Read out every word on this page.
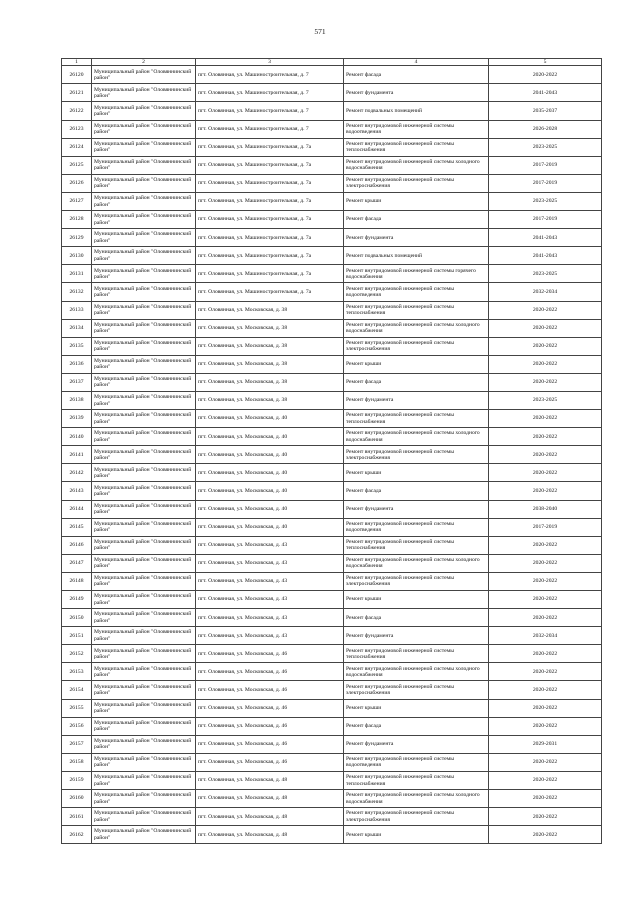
571
1	2	3	4	5
26120	Муниципальный район "Оловяннинский район"	пгт. Оловянная, ул. Машиностроительная, д. 7	Ремонт фасада	2020-2022
26121	Муниципальный район "Оловяннинский район"	пгт. Оловянная, ул. Машиностроительная, д. 7	Ремонт фундамента	2041-2043
26122	Муниципальный район "Оловяннинский район"	пгт. Оловянная, ул. Машиностроительная, д. 7	Ремонт подвальных помещений	2035-2037
26123	Муниципальный район "Оловяннинский район"	пгт. Оловянная, ул. Машиностроительная, д. 7	Ремонт внутридомовой инженерной системы водоотведения	2026-2028
26124	Муниципальный район "Оловяннинский район"	пгт. Оловянная, ул. Машиностроительная, д. 7а	Ремонт внутридомовой инженерной системы теплоснабжения	2023-2025
26125	Муниципальный район "Оловяннинский район"	пгт. Оловянная, ул. Машиностроительная, д. 7а	Ремонт внутридомовой инженерной системы холодного водоснабжения	2017-2019
26126	Муниципальный район "Оловяннинский район"	пгт. Оловянная, ул. Машиностроительная, д. 7а	Ремонт внутридомовой инженерной системы электроснабжения	2017-2019
26127	Муниципальный район "Оловяннинский район"	пгт. Оловянная, ул. Машиностроительная, д. 7а	Ремонт крыши	2023-2025
26128	Муниципальный район "Оловяннинский район"	пгт. Оловянная, ул. Машиностроительная, д. 7а	Ремонт фасада	2017-2019
26129	Муниципальный район "Оловяннинский район"	пгт. Оловянная, ул. Машиностроительная, д. 7а	Ремонт фундамента	2041-2043
26130	Муниципальный район "Оловяннинский район"	пгт. Оловянная, ул. Машиностроительная, д. 7а	Ремонт подвальных помещений	2041-2043
26131	Муниципальный район "Оловяннинский район"	пгт. Оловянная, ул. Машиностроительная, д. 7а	Ремонт внутридомовой инженерной системы горячего водоснабжения	2023-2025
26132	Муниципальный район "Оловяннинский район"	пгт. Оловянная, ул. Машиностроительная, д. 7а	Ремонт внутридомовой инженерной системы водоотведения	2032-2034
26133	Муниципальный район "Оловяннинский район"	пгт. Оловянная, ул. Московская, д. 38	Ремонт внутридомовой инженерной системы теплоснабжения	2020-2022
26134	Муниципальный район "Оловяннинский район"	пгт. Оловянная, ул. Московская, д. 38	Ремонт внутридомовой инженерной системы холодного водоснабжения	2020-2022
26135	Муниципальный район "Оловяннинский район"	пгт. Оловянная, ул. Московская, д. 38	Ремонт внутридомовой инженерной системы электроснабжения	2020-2022
26136	Муниципальный район "Оловяннинский район"	пгт. Оловянная, ул. Московская, д. 38	Ремонт крыши	2020-2022
26137	Муниципальный район "Оловяннинский район"	пгт. Оловянная, ул. Московская, д. 38	Ремонт фасада	2020-2022
26138	Муниципальный район "Оловяннинский район"	пгт. Оловянная, ул. Московская, д. 38	Ремонт фундамента	2023-2025
26139	Муниципальный район "Оловяннинский район"	пгт. Оловянная, ул. Московская, д. 40	Ремонт внутридомовой инженерной системы теплоснабжения	2020-2022
26140	Муниципальный район "Оловяннинский район"	пгт. Оловянная, ул. Московская, д. 40	Ремонт внутридомовой инженерной системы холодного водоснабжения	2020-2022
26141	Муниципальный район "Оловяннинский район"	пгт. Оловянная, ул. Московская, д. 40	Ремонт внутридомовой инженерной системы электроснабжения	2020-2022
26142	Муниципальный район "Оловяннинский район"	пгт. Оловянная, ул. Московская, д. 40	Ремонт крыши	2020-2022
26143	Муниципальный район "Оловяннинский район"	пгт. Оловянная, ул. Московская, д. 40	Ремонт фасада	2020-2022
26144	Муниципальный район "Оловяннинский район"	пгт. Оловянная, ул. Московская, д. 40	Ремонт фундамента	2038-2040
26145	Муниципальный район "Оловяннинский район"	пгт. Оловянная, ул. Московская, д. 40	Ремонт внутридомовой инженерной системы водоотведения	2017-2019
26146	Муниципальный район "Оловяннинский район"	пгт. Оловянная, ул. Московская, д. 43	Ремонт внутридомовой инженерной системы теплоснабжения	2020-2022
26147	Муниципальный район "Оловяннинский район"	пгт. Оловянная, ул. Московская, д. 43	Ремонт внутридомовой инженерной системы холодного водоснабжения	2020-2022
26148	Муниципальный район "Оловяннинский район"	пгт. Оловянная, ул. Московская, д. 43	Ремонт внутридомовой инженерной системы электроснабжения	2020-2022
26149	Муниципальный район "Оловяннинский район"	пгт. Оловянная, ул. Московская, д. 43	Ремонт крыши	2020-2022
26150	Муниципальный район "Оловяннинский район"	пгт. Оловянная, ул. Московская, д. 43	Ремонт фасада	2020-2022
26151	Муниципальный район "Оловяннинский район"	пгт. Оловянная, ул. Московская, д. 43	Ремонт фундамента	2032-2034
26152	Муниципальный район "Оловяннинский район"	пгт. Оловянная, ул. Московская, д. 46	Ремонт внутридомовой инженерной системы теплоснабжения	2020-2022
26153	Муниципальный район "Оловяннинский район"	пгт. Оловянная, ул. Московская, д. 46	Ремонт внутридомовой инженерной системы холодного водоснабжения	2020-2022
26154	Муниципальный район "Оловяннинский район"	пгт. Оловянная, ул. Московская, д. 46	Ремонт внутридомовой инженерной системы электроснабжения	2020-2022
26155	Муниципальный район "Оловяннинский район"	пгт. Оловянная, ул. Московская, д. 46	Ремонт крыши	2020-2022
26156	Муниципальный район "Оловяннинский район"	пгт. Оловянная, ул. Московская, д. 46	Ремонт фасада	2020-2022
26157	Муниципальный район "Оловяннинский район"	пгт. Оловянная, ул. Московская, д. 46	Ремонт фундамента	2029-2031
26158	Муниципальный район "Оловяннинский район"	пгт. Оловянная, ул. Московская, д. 46	Ремонт внутридомовой инженерной системы водоотведения	2020-2022
26159	Муниципальный район "Оловяннинский район"	пгт. Оловянная, ул. Московская, д. 48	Ремонт внутридомовой инженерной системы теплоснабжения	2020-2022
26160	Муниципальный район "Оловяннинский район"	пгт. Оловянная, ул. Московская, д. 48	Ремонт внутридомовой инженерной системы холодного водоснабжения	2020-2022
26161	Муниципальный район "Оловяннинский район"	пгт. Оловянная, ул. Московская, д. 48	Ремонт внутридомовой инженерной системы электроснабжения	2020-2022
26162	Муниципальный район "Оловяннинский район"	пгт. Оловянная, ул. Московская, д. 48	Ремонт крыши	2020-2022
